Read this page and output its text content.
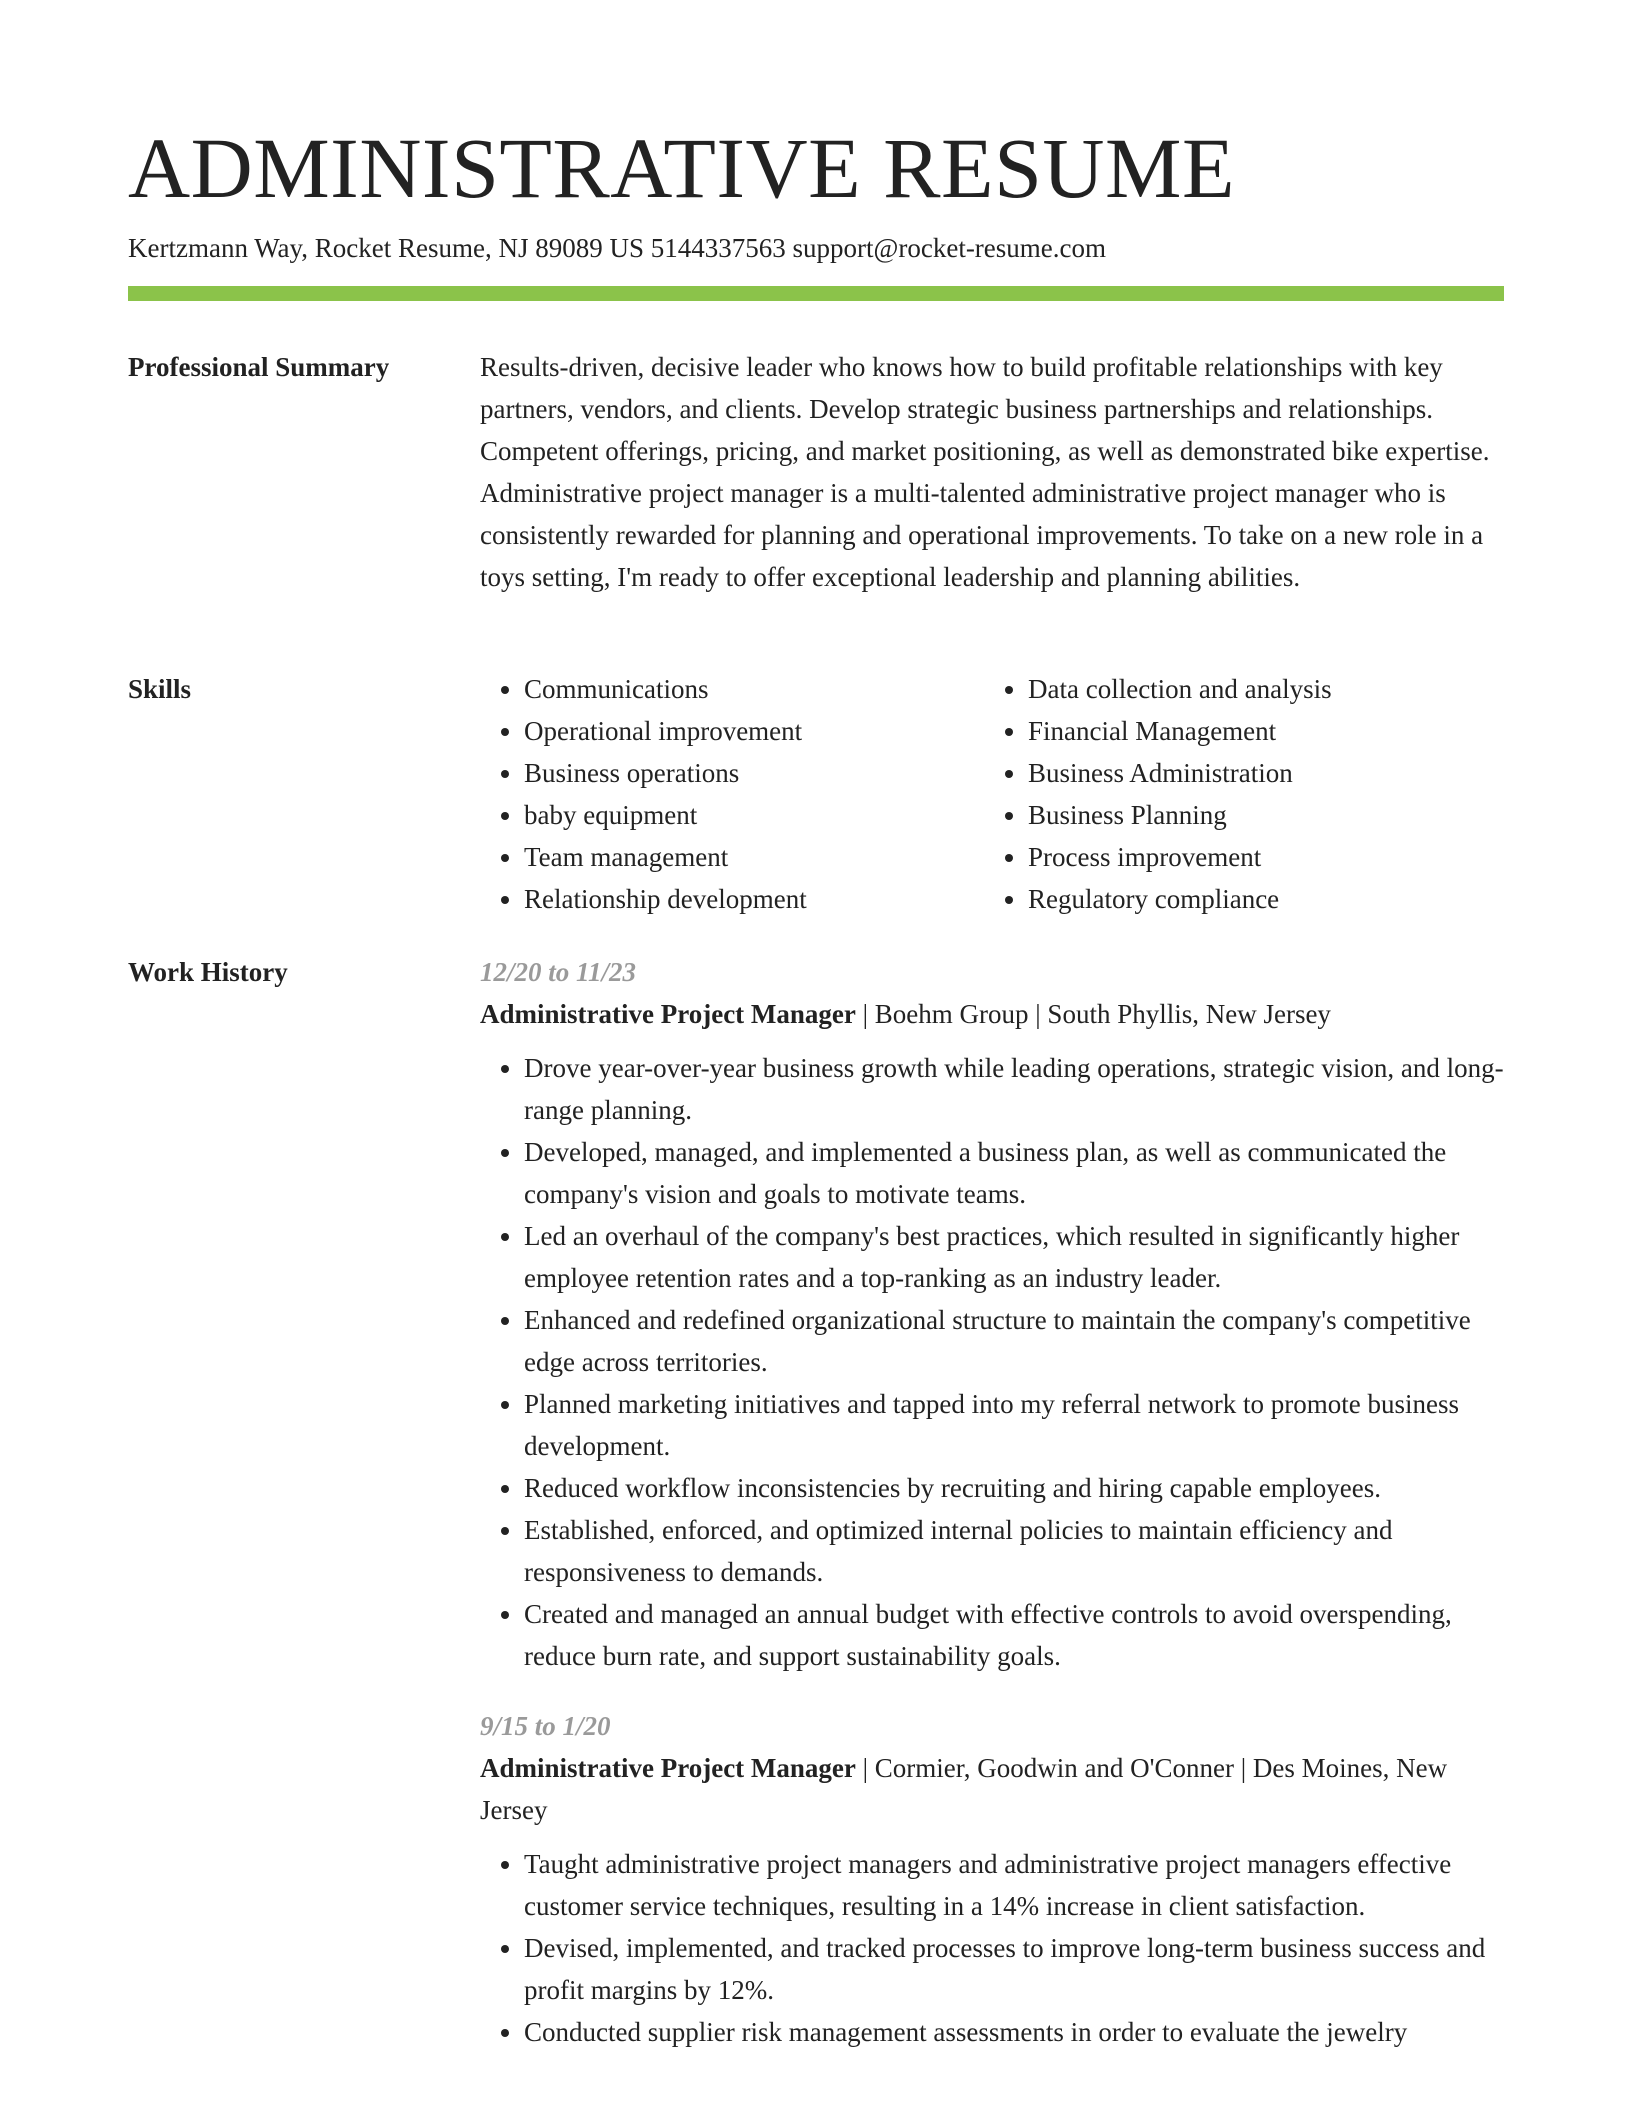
ADMINISTRATIVE RESUME
Kertzmann Way, Rocket Resume, NJ 89089 US 5144337563 support@rocket-resume.com
Professional Summary	Results-driven, decisive leader who knows how to build profitable relationships with key partners, vendors, and clients. Develop strategic business partnerships and relationships. Competent offerings, pricing, and market positioning, as well as demonstrated bike expertise. Administrative project manager is a multi-talented administrative project manager who is consistently rewarded for planning and operational improvements. To take on a new role in a toys setting, I'm ready to offer exceptional leadership and planning abilities.

Skills
•	Communications
• Operational improvement
• Business operations
• baby equipment
• Team management
• Relationship development
• Data collection and analysis
• Financial Management
• Business Administration
• Business Planning
• Process improvement
• Regulatory compliance
Work History	12/20 to 11/23
Administrative Project Manager | Boehm Group | South Phyllis, New Jersey
• Drove year-over-year business growth while leading operations, strategic vision, and long-range planning.
• Developed, managed, and implemented a business plan, as well as communicated the company's vision and goals to motivate teams.
• Led an overhaul of the company's best practices, which resulted in significantly higher employee retention rates and a top-ranking as an industry leader.
• Enhanced and redefined organizational structure to maintain the company's competitive edge across territories.
• Planned marketing initiatives and tapped into my referral network to promote business development.
• Reduced workflow inconsistencies by recruiting and hiring capable employees.
• Established, enforced, and optimized internal policies to maintain efficiency and responsiveness to demands.
• Created and managed an annual budget with effective controls to avoid overspending, reduce burn rate, and support sustainability goals.
9/15 to 1/20
Administrative Project Manager | Cormier, Goodwin and O'Conner | Des Moines, New Jersey
• Taught administrative project managers and administrative project managers effective customer service techniques, resulting in a 14% increase in client satisfaction.
• Devised, implemented, and tracked processes to improve long-term business success and profit margins by 12%.
• Conducted supplier risk management assessments in order to evaluate the jewelry
